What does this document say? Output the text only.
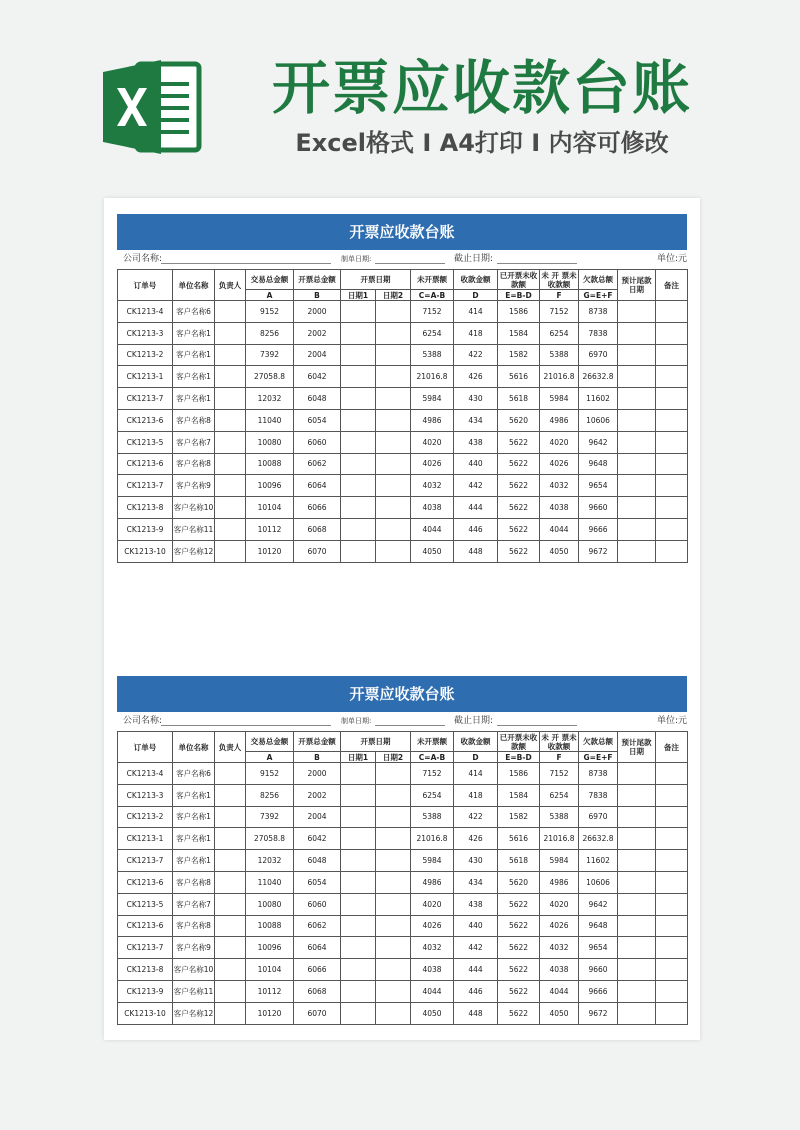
开票应收款台账
Excel格式 I A4打印 I 内容可修改
开票应收款台账
公司名称:	制单日期:	截止日期:	单位:元
订单号	单位名称	负责人	交易总金额	开票总金额	开票日期		未开票额	收款金额	已开票未收款额	未 开 票未收款额	欠款总额	预计尾款日期	备注
			A	B	日期1	日期2	C=A-B	D	E=B-D	F	G=E+F		
CK1213-4	客户名称6		9152	2000			7152	414	1586	7152	8738		
CK1213-3	客户名称1		8256	2002			6254	418	1584	6254	7838		
CK1213-2	客户名称1		7392	2004			5388	422	1582	5388	6970		
CK1213-1	客户名称1		27058.8	6042			21016.8	426	5616	21016.8	26632.8		
CK1213-7	客户名称1		12032	6048			5984	430	5618	5984	11602		
CK1213-6	客户名称8		11040	6054			4986	434	5620	4986	10606		
CK1213-5	客户名称7		10080	6060			4020	438	5622	4020	9642		
CK1213-6	客户名称8		10088	6062			4026	440	5622	4026	9648		
CK1213-7	客户名称9		10096	6064			4032	442	5622	4032	9654		
CK1213-8	客户名称10		10104	6066			4038	444	5622	4038	9660		
CK1213-9	客户名称11		10112	6068			4044	446	5622	4044	9666		
CK1213-10	客户名称12		10120	6070			4050	448	5622	4050	9672		
开票应收款台账
公司名称:	制单日期:	截止日期:	单位:元
订单号	单位名称	负责人	交易总金额	开票总金额	开票日期		未开票额	收款金额	已开票未收款额	未 开 票未收款额	欠款总额	预计尾款日期	备注
			A	B	日期1	日期2	C=A-B	D	E=B-D	F	G=E+F		
CK1213-4	客户名称6		9152	2000			7152	414	1586	7152	8738		
CK1213-3	客户名称1		8256	2002			6254	418	1584	6254	7838		
CK1213-2	客户名称1		7392	2004			5388	422	1582	5388	6970		
CK1213-1	客户名称1		27058.8	6042			21016.8	426	5616	21016.8	26632.8		
CK1213-7	客户名称1		12032	6048			5984	430	5618	5984	11602		
CK1213-6	客户名称8		11040	6054			4986	434	5620	4986	10606		
CK1213-5	客户名称7		10080	6060			4020	438	5622	4020	9642		
CK1213-6	客户名称8		10088	6062			4026	440	5622	4026	9648		
CK1213-7	客户名称9		10096	6064			4032	442	5622	4032	9654		
CK1213-8	客户名称10		10104	6066			4038	444	5622	4038	9660		
CK1213-9	客户名称11		10112	6068			4044	446	5622	4044	9666		
CK1213-10	客户名称12		10120	6070			4050	448	5622	4050	9672		
